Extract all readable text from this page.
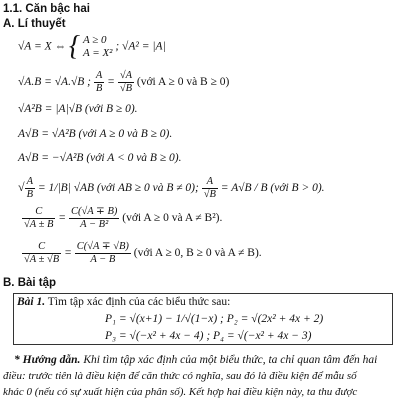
1.1. Căn bậc hai
A. Lí thuyết
√A = X ⇔ { A ≥ 0
A = X²
; √A² = |A|
√A.B = √A.√B ; $\frac{A}{B} = \frac{√A}{√B}$ (với A ≥ 0 và B ≥ 0)
√A²B = |A|√B (với B ≥ 0).
A√B = √A²B (với A ≥ 0 và B ≥ 0).
A√B = −√A²B (với A < 0 và B ≥ 0).
√ $\frac{A}{B} = 1/|B|$ √AB (với AB ≥ 0 và B ≠ 0); $\frac{A}{√B} = A√B / B$ (với B > 0).
$\frac{C}{√A \pm B} = \frac{C(√A \mp B)}{\text{A − B²}}$ (với A ≥ 0 và A ≠ B²).
$\frac{C}{√A \pm √B} = \frac{C(√A \mp √B)}{A - B}$ (với A ≥ 0, B ≥ 0 và A ≠ B).
B. Bài tập
Bài 1. Tìm tập xác định của các biểu thức sau:
P₁ = √(x+1) − 1/√(1−x) ; P₂ = √(2x² + 4x + 2)
P₃ = √(−x² + 4x − 4) ; P₄ = √(−x² + 4x − 3)
* Hướng dẫn. Khi tìm tập xác định của một biểu thức, ta chỉ quan tâm đến hai
điều: trước tiên là điều kiện để căn thức có nghĩa, sau đó là điều kiện để mẫu số
khác 0 (nếu có sự xuất hiện của phân số). Kết hợp hai điều kiện này, ta thu được
